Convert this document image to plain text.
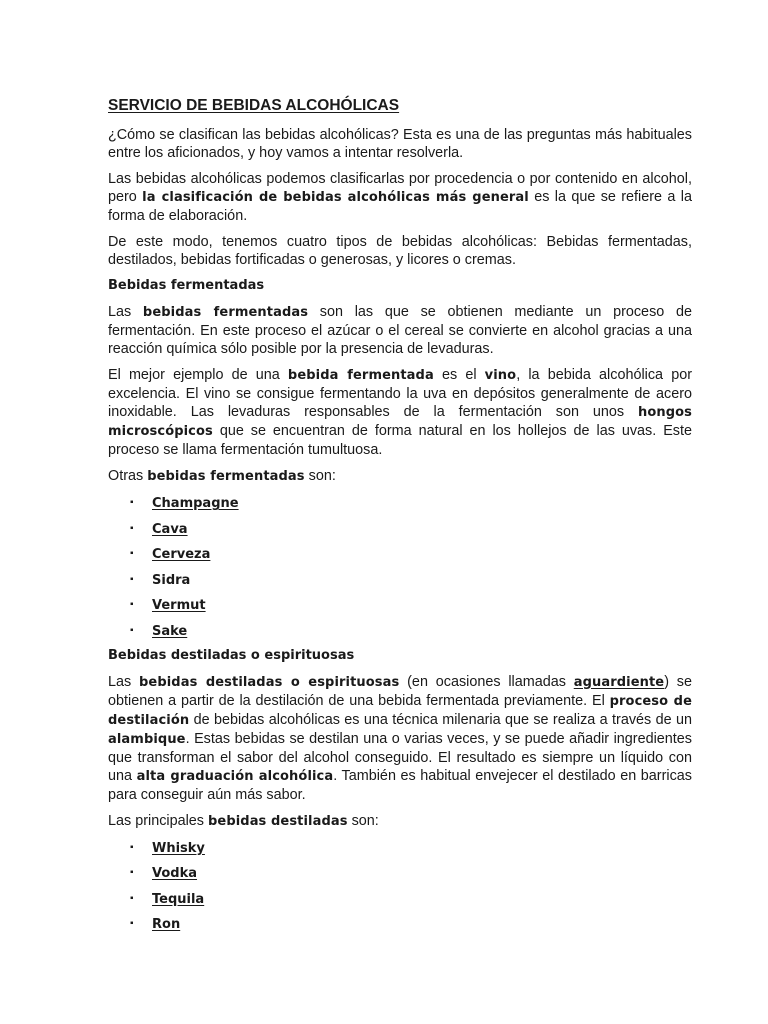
SERVICIO DE BEBIDAS ALCOHÓLICAS

¿Cómo se clasifican las bebidas alcohólicas? Esta es una de las preguntas más habituales entre los aficionados, y hoy vamos a intentar resolverla.

Las bebidas alcohólicas podemos clasificarlas por procedencia o por contenido en alcohol, pero la clasificación de bebidas alcohólicas más general es la que se refiere a la forma de elaboración.

De este modo, tenemos cuatro tipos de bebidas alcohólicas: Bebidas fermentadas, destilados, bebidas fortificadas o generosas, y licores o cremas.

Bebidas fermentadas

Las bebidas fermentadas son las que se obtienen mediante un proceso de fermentación. En este proceso el azúcar o el cereal se convierte en alcohol gracias a una reacción química sólo posible por la presencia de levaduras.

El mejor ejemplo de una bebida fermentada es el vino, la bebida alcohólica por excelencia. El vino se consigue fermentando la uva en depósitos generalmente de acero inoxidable. Las levaduras responsables de la fermentación son unos hongos microscópicos que se encuentran de forma natural en los hollejos de las uvas. Este proceso se llama fermentación tumultuosa.

Otras bebidas fermentadas son:

▪ Champagne
▪ Cava
▪ Cerveza
▪ Sidra
▪ Vermut
▪ Sake
Bebidas destiladas o espirituosas

Las bebidas destiladas o espirituosas (en ocasiones llamadas aguardiente) se obtienen a partir de la destilación de una bebida fermentada previamente. El proceso de destilación de bebidas alcohólicas es una técnica milenaria que se realiza a través de un alambique. Estas bebidas se destilan una o varias veces, y se puede añadir ingredientes que transforman el sabor del alcohol conseguido. El resultado es siempre un líquido con una alta graduación alcohólica. También es habitual envejecer el destilado en barricas para conseguir aún más sabor.

Las principales bebidas destiladas son:

▪ Whisky
▪ Vodka
▪ Tequila
▪ Ron
